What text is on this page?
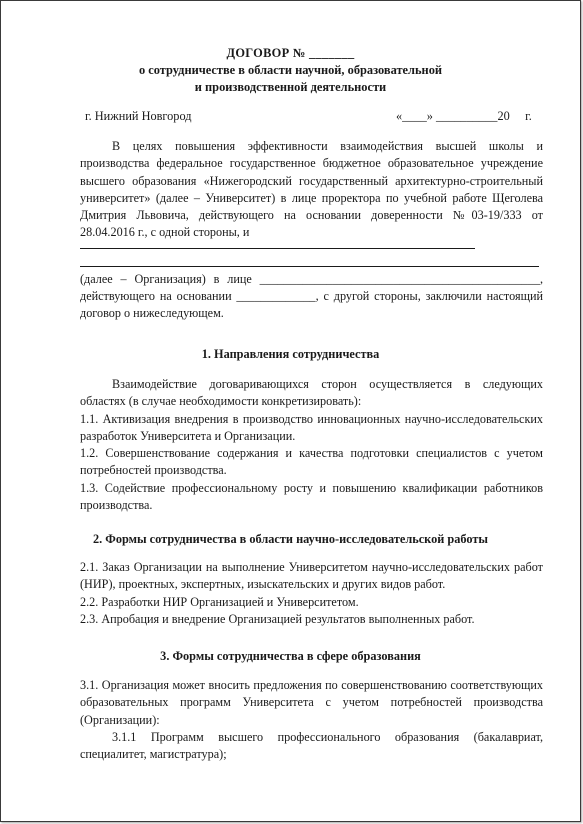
ДОГОВОР № _______
о сотрудничестве в области научной, образовательной
и производственной деятельности
г. Нижний Новгород	«____» __________20     г.

В целях повышения эффективности взаимодействия высшей школы и производства федеральное государственное бюджетное образовательное учреждение высшего образования «Нижегородский государственный архитектурно-строительный университет» (далее – Университет) в лице проректора по учебной работе Щеголева Дмитрия Львовича, действующего на основании доверенности №03-19/333 от 28.04.2016 г., с одной стороны, и

(далее – Организация) в лице ______________________________________________, действующего на основании _____________, с другой стороны, заключили настоящий договор о нижеследующем.

1. Направления сотрудничества

Взаимодействие договаривающихся сторон осуществляется в следующих областях (в случае необходимости конкретизировать):

1.1. Активизация внедрения в производство инновационных научно-исследовательских разработок Университета и Организации.

1.2. Совершенствование содержания и качества подготовки специалистов с учетом потребностей производства.

1.3. Содействие профессиональному росту и повышению квалификации работников производства.

2. Формы сотрудничества в области научно-исследовательской работы

2.1. Заказ Организации на выполнение Университетом научно-исследовательских работ (НИР), проектных, экспертных, изыскательских и других видов работ.

2.2. Разработки НИР Организацией и Университетом.

2.3. Апробация и внедрение Организацией результатов выполненных работ.

3. Формы сотрудничества в сфере образования

3.1. Организация может вносить предложения по совершенствованию соответствующих образовательных программ Университета с учетом потребностей производства (Организации):

3.1.1 Программ высшего профессионального образования (бакалавриат, специалитет, магистратура);
